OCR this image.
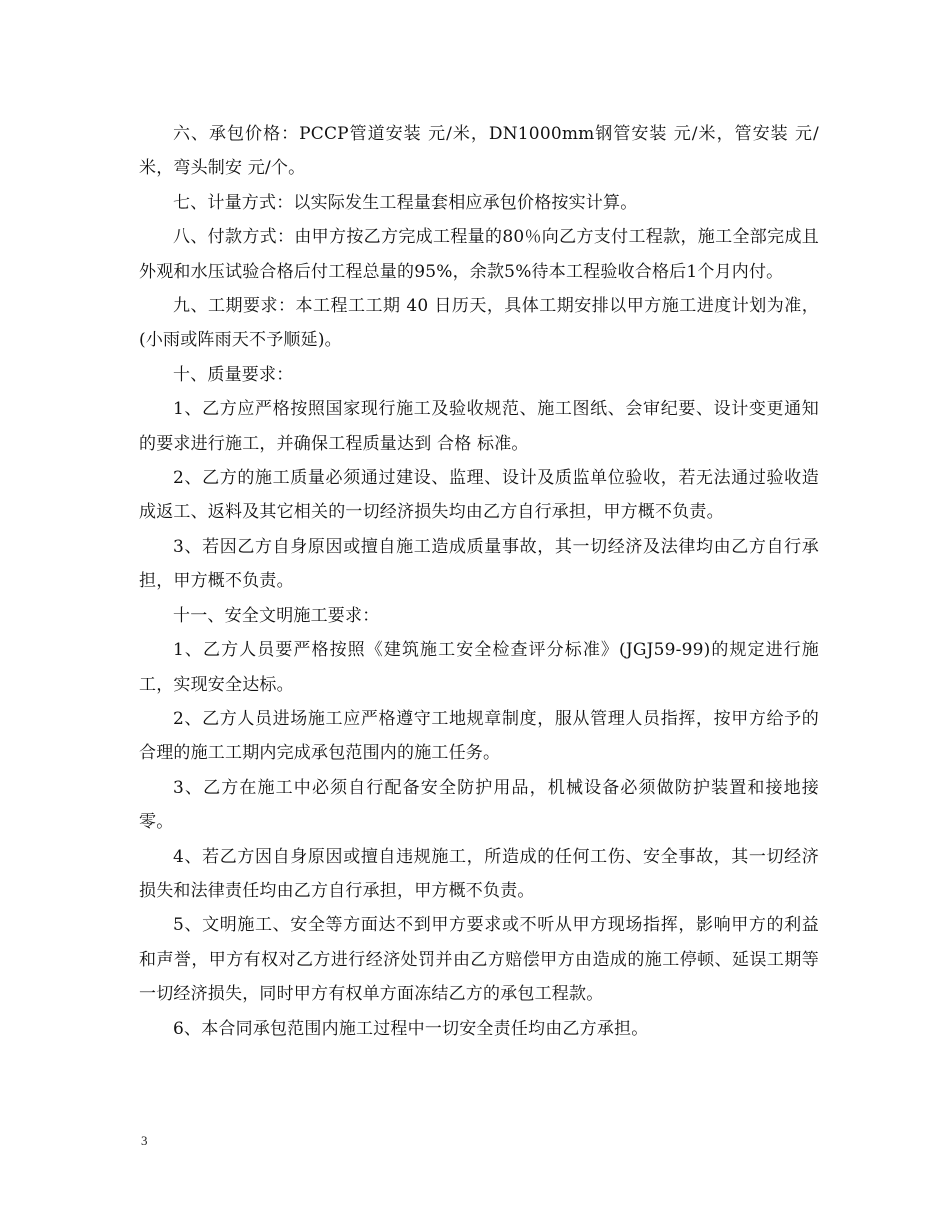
六、承包价格：PCCP管道安装 元/米，DN1000mm钢管安装 元/米，管安装 元/米，弯头制安 元/个。

七、计量方式：以实际发生工程量套相应承包价格按实计算。

八、付款方式：由甲方按乙方完成工程量的80％向乙方支付工程款，施工全部完成且外观和水压试验合格后付工程总量的95%，余款5%待本工程验收合格后1个月内付。

九、工期要求：本工程工工期 40 日历天，具体工期安排以甲方施工进度计划为准，(小雨或阵雨天不予顺延)。

十、质量要求：

1、乙方应严格按照国家现行施工及验收规范、施工图纸、会审纪要、设计变更通知的要求进行施工，并确保工程质量达到 合格 标准。

2、乙方的施工质量必须通过建设、监理、设计及质监单位验收，若无法通过验收造成返工、返料及其它相关的一切经济损失均由乙方自行承担，甲方概不负责。

3、若因乙方自身原因或擅自施工造成质量事故，其一切经济及法律均由乙方自行承担，甲方概不负责。

十一、安全文明施工要求：

1、乙方人员要严格按照《建筑施工安全检查评分标准》(JGJ59-99)的规定进行施工，实现安全达标。

2、乙方人员进场施工应严格遵守工地规章制度，服从管理人员指挥，按甲方给予的合理的施工工期内完成承包范围内的施工任务。

3、乙方在施工中必须自行配备安全防护用品，机械设备必须做防护装置和接地接零。

4、若乙方因自身原因或擅自违规施工，所造成的任何工伤、安全事故，其一切经济损失和法律责任均由乙方自行承担，甲方概不负责。

5、文明施工、安全等方面达不到甲方要求或不听从甲方现场指挥，影响甲方的利益和声誉，甲方有权对乙方进行经济处罚并由乙方赔偿甲方由造成的施工停顿、延误工期等一切经济损失，同时甲方有权单方面冻结乙方的承包工程款。

6、本合同承包范围内施工过程中一切安全责任均由乙方承担。

3
